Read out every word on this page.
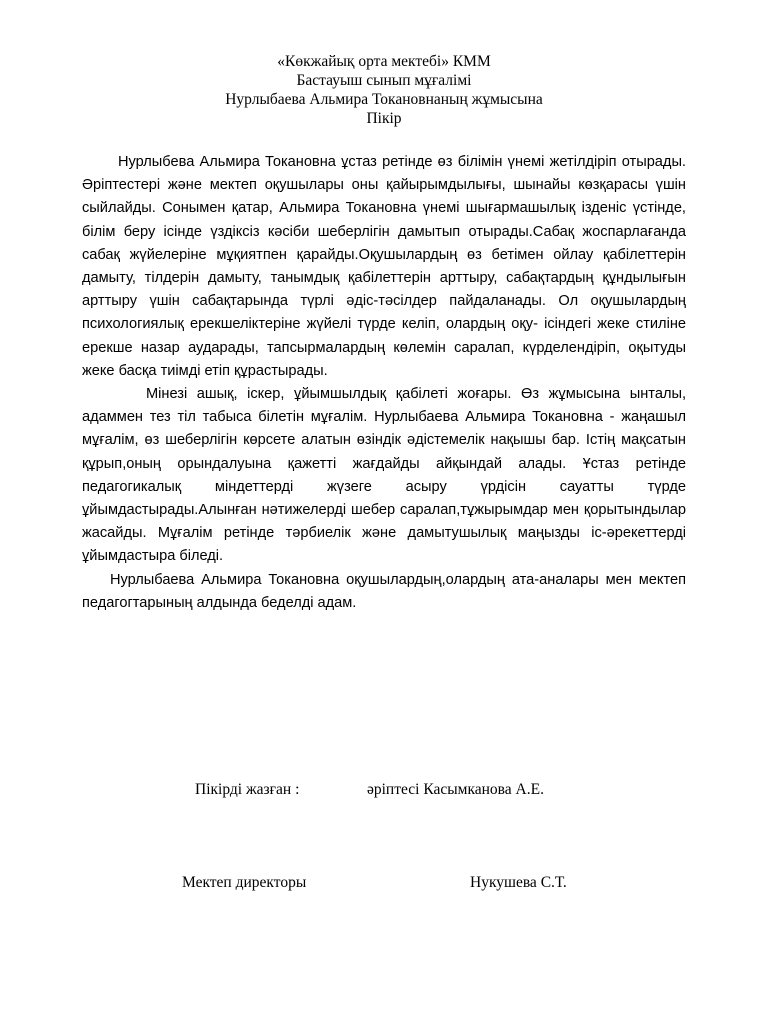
«Көкжайық орта мектебі» КММ
Бастауыш сынып мұғалімі
Нурлыбаева Альмира Токановнаның жұмысына
Пікір

Нурлыбева Альмира Токановна ұстаз ретінде өз білімін үнемі жетілдіріп отырады. Әріптестері және мектеп оқушылары оны қайырымдылығы, шынайы көзқарасы үшін сыйлайды. Сонымен қатар, Альмира Токановна үнемі шығармашылық ізденіс үстінде, білім беру ісінде үздіксіз кәсіби шеберлігін дамытып отырады.Сабақ жоспарлағанда сабақ жүйелеріне мұқиятпен қарайды.Оқушылардың өз бетімен ойлау қабілеттерін дамыту, тілдерін дамыту, танымдық қабілеттерін арттыру, сабақтардың құндылығын арттыру үшін сабақтарында түрлі әдіс-тәсілдер пайдаланады. Ол оқушылардың психологиялық ерекшеліктеріне жүйелі түрде келіп, олардың оқу- ісіндегі жеке стиліне ерекше назар аударады, тапсырмалардың көлемін саралап, күрделендіріп, оқытуды жеке басқа тиімді етіп құрастырады.

Мінезі ашық, іскер, ұйымшылдық қабілеті жоғары. Өз жұмысына ынталы, адаммен тез тіл табыса білетін мұғалім. Нурлыбаева Альмира Токановна - жаңашыл мұғалім, өз шеберлігін көрсете алатын өзіндік әдістемелік нақышы бар. Істің мақсатын құрып,оның орындалуына қажетті жағдайды айқындай алады. Ұстаз ретінде педагогикалық міндеттерді жүзеге асыру үрдісін сауатты түрде ұйымдастырады.Алынған нәтижелерді шебер саралап,тұжырымдар мен қорытындылар жасайды. Мұғалім ретінде тәрбиелік және дамытушылық маңызды іс-әрекеттерді ұйымдастыра біледі.

Нурлыбаева Альмира Токановна оқушылардың,олардың ата-аналары мен мектеп педагогтарының алдында беделді адам.

Пікірді жазған :	әріптесі Касымканова А.Е.
Мектеп директоры	Нукушева С.Т.
